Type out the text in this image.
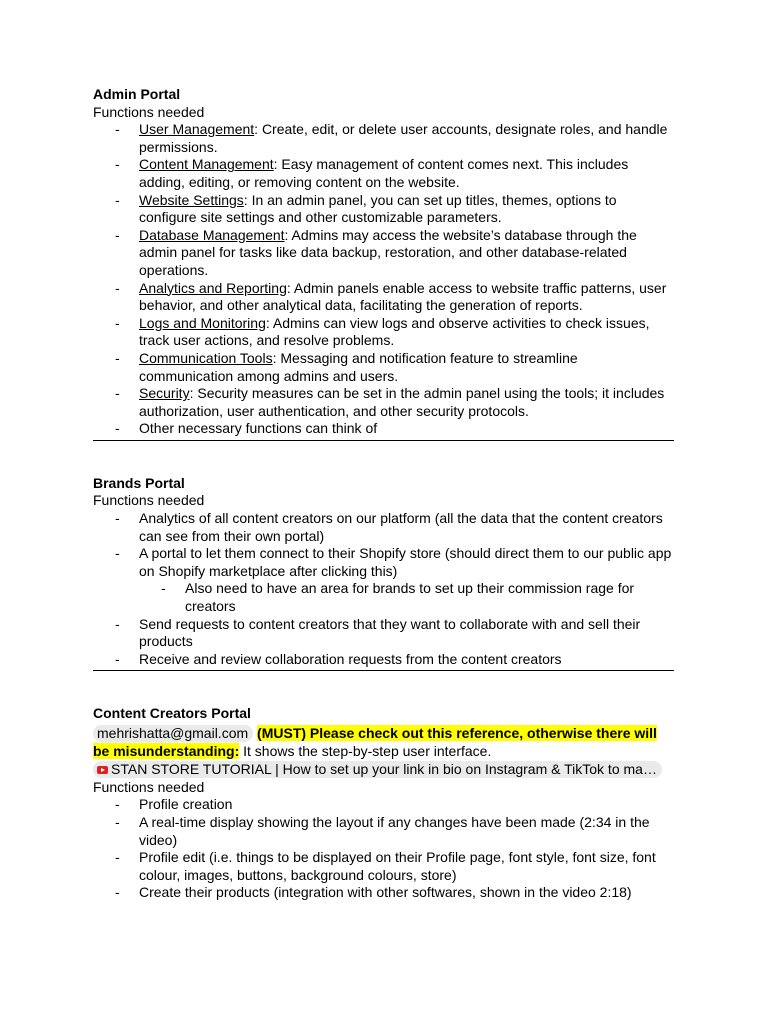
Admin Portal
Functions needed
- User Management: Create, edit, or delete user accounts, designate roles, and handle permissions.
- Content Management: Easy management of content comes next. This includes adding, editing, or removing content on the website.
- Website Settings: In an admin panel, you can set up titles, themes, options to configure site settings and other customizable parameters.
- Database Management: Admins may access the website’s database through the admin panel for tasks like data backup, restoration, and other database-related operations.
- Analytics and Reporting: Admin panels enable access to website traffic patterns, user behavior, and other analytical data, facilitating the generation of reports.
- Logs and Monitoring: Admins can view logs and observe activities to check issues, track user actions, and resolve problems.
- Communication Tools: Messaging and notification feature to streamline communication among admins and users.
- Security: Security measures can be set in the admin panel using the tools; it includes authorization, user authentication, and other security protocols.
- Other necessary functions can think of
Brands Portal
Functions needed
- Analytics of all content creators on our platform (all the data that the content creators can see from their own portal)
- A portal to let them connect to their Shopify store (should direct them to our public app on Shopify marketplace after clicking this)
- Also need to have an area for brands to set up their commission rage for creators
- Send requests to content creators that they want to collaborate with and sell their products
- Receive and review collaboration requests from the content creators
Content Creators Portal
mehrishatta@gmail.com (MUST) Please check out this reference, otherwise there will be misunderstanding: It shows the step-by-step user interface.
STAN STORE TUTORIAL | How to set up your link in bio on Instagram & TikTok to ma…
Functions needed
- Profile creation
- A real-time display showing the layout if any changes have been made (2:34 in the video)
- Profile edit (i.e. things to be displayed on their Profile page, font style, font size, font colour, images, buttons, background colours, store)
- Create their products (integration with other softwares, shown in the video 2:18)
